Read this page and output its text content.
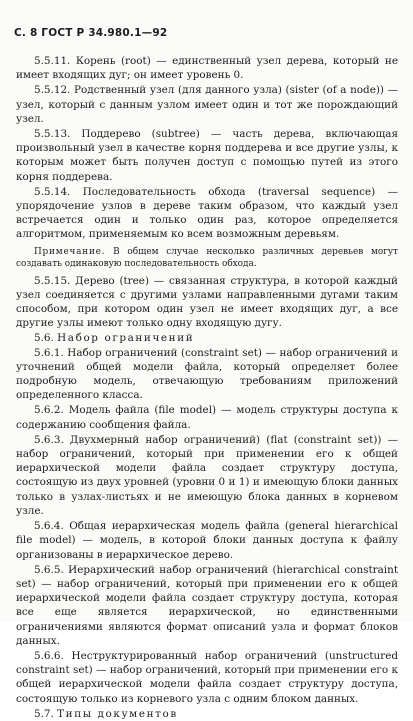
С. 8 ГОСТ Р 34.980.1—92

5.5.11. Корень (root) — единственный узел дерева, который не имеет входящих дуг; он имеет уровень 0.

5.5.12. Родственный узел (для данного узла) (sister (of a node)) — узел, который с данным узлом имеет один и тот же порождающий узел.

5.5.13. Поддерево (subtree) — часть дерева, включающая произвольный узел в качестве корня поддерева и все другие узлы, к которым может быть получен доступ с помощью путей из этого корня поддерева.

5.5.14. Последовательность обхода (traversal sequence) — упорядочение узлов в дереве таким образом, что каждый узел встречается один и только один раз, которое определяется алгоритмом, применяемым ко всем возможным деревьям.

Примечание. В общем случае несколько различных деревьев могут создавать одинаковую последовательность обхода.

5.5.15. Дерево (tree) — связанная структура, в которой каждый узел соединяется с другими узлами направленными дугами таким способом, при котором один узел не имеет входящих дуг, а все другие узлы имеют только одну входящую дугу.

5.6. Набор ограничений

5.6.1. Набор ограничений (constraint set) — набор ограничений и уточнений общей модели файла, который определяет более подробную модель, отвечающую требованиям приложений определенного класса.

5.6.2. Модель файла (file model) — модель структуры доступа к содержанию сообщения файла.

5.6.3. Двухмерный набор ограничений) (flat (constraint set)) — набор ограничений, который при применении его к общей иерархической модели файла создает структуру доступа, состоящую из двух уровней (уровни 0 и 1) и имеющую блоки данных только в узлах-листьях и не имеющую блока данных в корневом узле.

5.6.4. Общая иерархическая модель файла (general hierarchical file model) — модель, в которой блоки данных доступа к файлу организованы в иерархическое дерево.

5.6.5. Иерархический набор ограничений (hierarchical constraint set) — набор ограничений, который при применении его к общей иерархической модели файла создает структуру доступа, которая все еще является иерархической, но единственными ограничениями являются формат описаний узла и формат блоков данных.

5.6.6. Неструктурированный набор ограничений (unstructured constraint set) — набор ограничений, который при применении его к общей иерархической модели файла создает структуру доступа, состоящую только из корневого узла с одним блоком данных.

5.7. Типы документов
